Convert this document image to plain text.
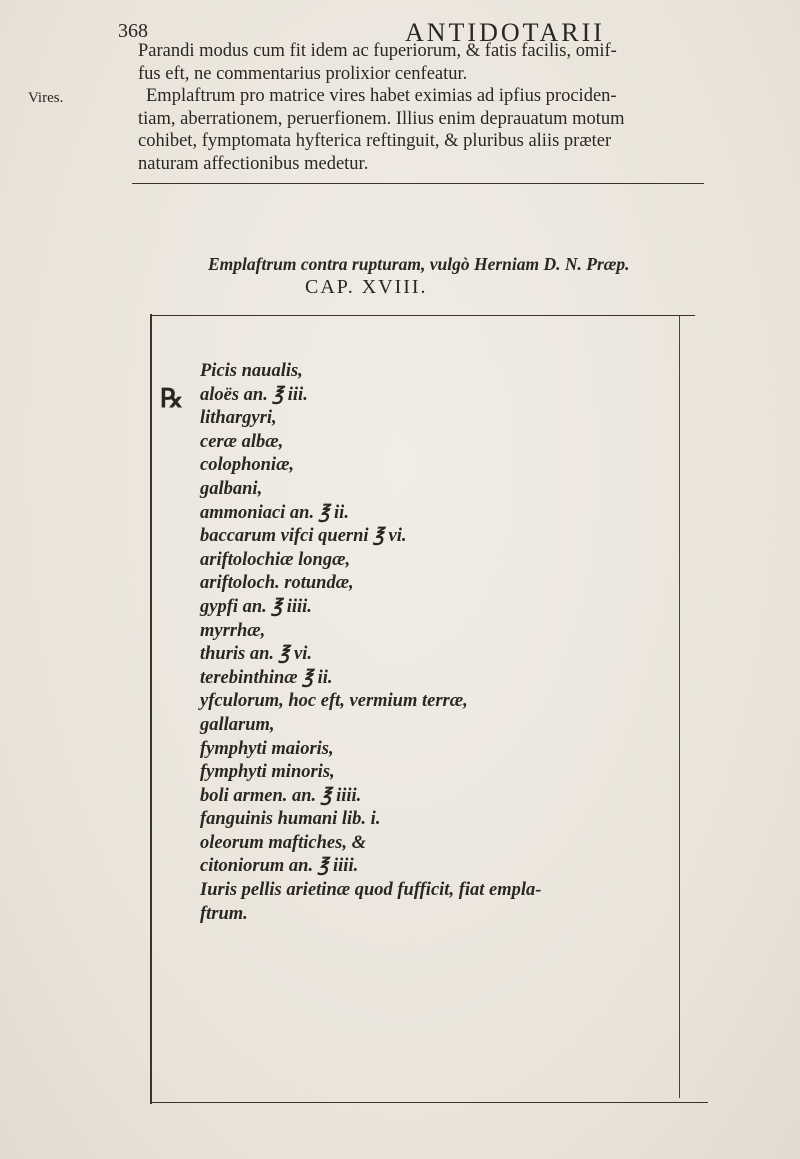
368	ANTIDOTARII
Vires.
Parandi modus cum fit idem ac fuperiorum, & fatis facilis, omif-
fus eft, ne commentarius prolixior cenfeatur.
Emplaftrum pro matrice vires habet eximias ad ipfius prociden-
tiam, aberrationem, peruerfionem. Illius enim deprauatum motum
cohibet, fymptomata hyfterica reftinguit, & pluribus aliis præter
naturam affectionibus medetur.
Emplaftrum contra rupturam, vulgò Herniam D. N. Præp.
CAP. XVIII.
℞
Picis naualis,
aloës an. ℥ iii.
lithargyri,
ceræ albæ,
colophoniæ,
galbani,
ammoniaci an. ℥ ii.
baccarum vifci querni ℥ vi.
ariftolochiæ longæ,
ariftoloch. rotundæ,
gypfi an. ℥ iiii.
myrrhæ,
thuris an. ℥ vi.
terebinthinæ ℥ ii.
yfculorum, hoc eft, vermium terræ,
gallarum,
fymphyti maioris,
fymphyti minoris,
boli armen. an. ℥ iiii.
fanguinis humani lib. i.
oleorum maftiches, &
citoniorum an. ℥ iiii.
Iuris pellis arietinæ quod fufficit, fiat empla-
ftrum.
